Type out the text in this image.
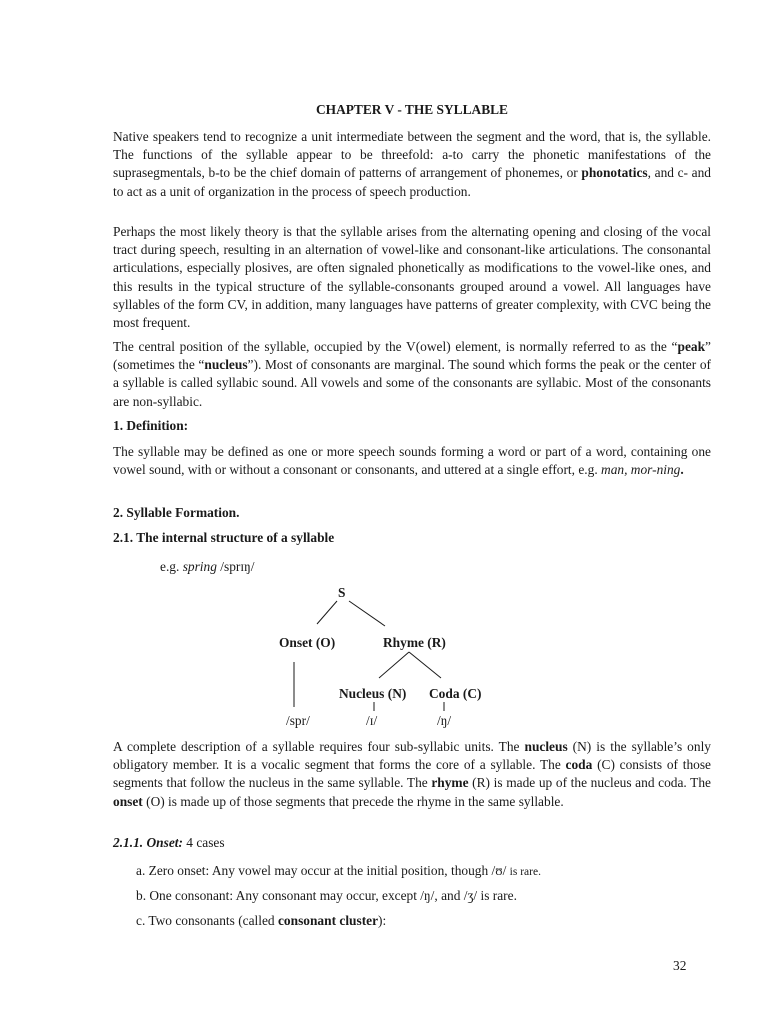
CHAPTER V - THE SYLLABLE

Native speakers tend to recognize a unit intermediate between the segment and the word, that is, the syllable. The functions of the syllable appear to be threefold: a-to carry the phonetic manifestations of the suprasegmentals, b-to be the chief domain of patterns of arrangement of phonemes, or phonotatics, and c- and to act as a unit of organization in the process of speech production.

Perhaps the most likely theory is that the syllable arises from the alternating opening and closing of the vocal tract during speech, resulting in an alternation of vowel-like and consonant-like articulations. The consonantal articulations, especially plosives, are often signaled phonetically as modifications to the vowel-like ones, and this results in the typical structure of the syllable-consonants grouped around a vowel. All languages have syllables of the form CV, in addition, many languages have patterns of greater complexity, with CVC being the most frequent.

The central position of the syllable, occupied by the V(owel) element, is normally referred to as the “peak” (sometimes the “nucleus”). Most of consonants are marginal. The sound which forms the peak or the center of a syllable is called syllabic sound. All vowels and some of the consonants are syllabic. Most of the consonants are non-syllabic.

1. Definition:

The syllable may be defined as one or more speech sounds forming a word or part of a word, containing one vowel sound, with or without a consonant or consonants, and uttered at a single effort, e.g. man, mor-ning.

2. Syllable Formation.
2.1. The internal structure of a syllable
e.g. spring /sprɪŋ/
S
Onset (O)	Rhyme (R)
Nucleus (N) Coda (C)
/spr/	/ɪ/	/ŋ/

A complete description of a syllable requires four sub-syllabic units. The nucleus (N) is the syllable’s only obligatory member. It is a vocalic segment that forms the core of a syllable. The coda (C) consists of those segments that follow the nucleus in the same syllable. The rhyme (R) is made up of the nucleus and coda. The onset (O) is made up of those segments that precede the rhyme in the same syllable.

2.1.1. Onset: 4 cases
a. Zero onset: Any vowel may occur at the initial position, though /ʊ/ is rare.
b. One consonant: Any consonant may occur, except /ŋ/, and /ʒ/ is rare.
c. Two consonants (called consonant cluster):
32
